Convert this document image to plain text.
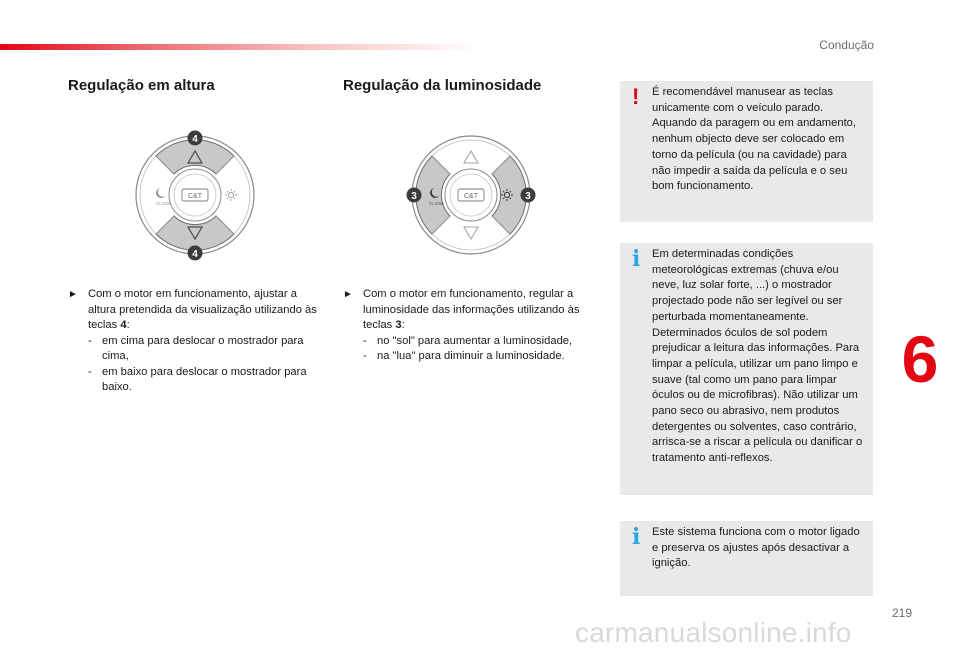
Condução
Regulação em altura	Regulação da luminosidade
C&T
CLOSE
4
4
C&T
CLOSE
3	3
► Com o motor em funcionamento, ajustar a altura pretendida da visualização utilizando às teclas 4:
- em cima para deslocar o mostrador para cima,
- em baixo para deslocar o mostrador para baixo.
► Com o motor em funcionamento, regular a luminosidade das informações utilizando às teclas 3:
- no "sol" para aumentar a luminosidade,
- na "lua" para diminuir a luminosidade.
! É recomendável manusear as teclas unicamente com o veículo parado. Aquando da paragem ou em andamento, nenhum objecto deve ser colocado em torno da película (ou na cavidade) para não impedir a saída da película e o seu bom funcionamento.
i Em determinadas condições meteorológicas extremas (chuva e/ou neve, luz solar forte, ...) o mostrador projectado pode não ser legível ou ser perturbada momentaneamente. Determinados óculos de sol podem prejudicar a leitura das informações. Para limpar a película, utilizar um pano limpo e suave (tal como um pano para limpar óculos ou de microfibras). Não utilizar um pano seco ou abrasivo, nem produtos detergentes ou solventes, caso contrário, arrisca-se a riscar a película ou danificar o tratamento anti-reflexos.
i Este sistema funciona com o motor ligado e preserva os ajustes após desactivar a ignição.
6
219
carmanualsonline.info
